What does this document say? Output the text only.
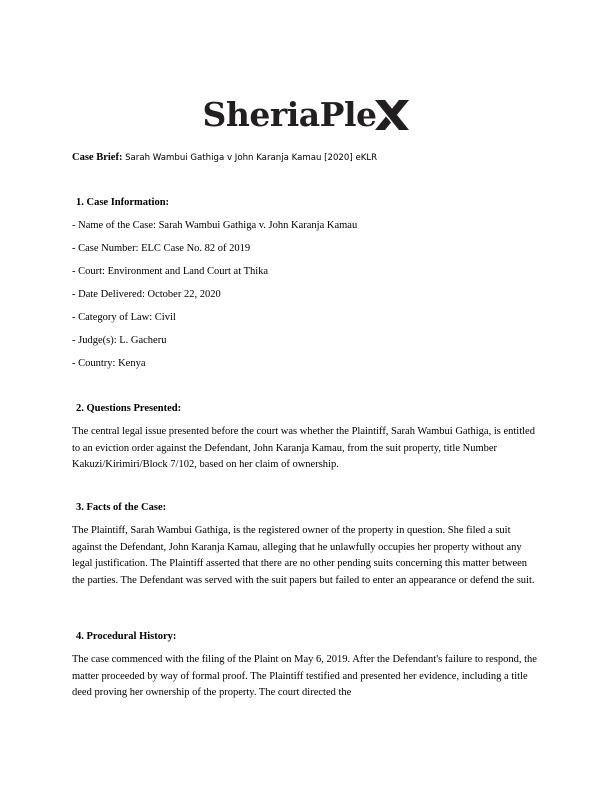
SheriaPle
Case Brief: Sarah Wambui Gathiga v John Karanja Kamau [2020] eKLR
1. Case Information:
- Name of the Case: Sarah Wambui Gathiga v. John Karanja Kamau
- Case Number: ELC Case No. 82 of 2019
- Court: Environment and Land Court at Thika
- Date Delivered: October 22, 2020
- Category of Law: Civil
- Judge(s): L. Gacheru
- Country: Kenya
2. Questions Presented:
The central legal issue presented before the court was whether the Plaintiff, Sarah Wambui Gathiga, is entitled to an eviction order against the Defendant, John Karanja Kamau, from the suit property, title Number Kakuzi/Kirimiri/Block 7/102, based on her claim of ownership.
3. Facts of the Case:
The Plaintiff, Sarah Wambui Gathiga, is the registered owner of the property in question. She filed a suit against the Defendant, John Karanja Kamau, alleging that he unlawfully occupies her property without any legal justification. The Plaintiff asserted that there are no other pending suits concerning this matter between the parties. The Defendant was served with the suit papers but failed to enter an appearance or defend the suit.
4. Procedural History:
The case commenced with the filing of the Plaint on May 6, 2019. After the Defendant's failure to respond, the matter proceeded by way of formal proof. The Plaintiff testified and presented her evidence, including a title deed proving her ownership of the property. The court directed the
